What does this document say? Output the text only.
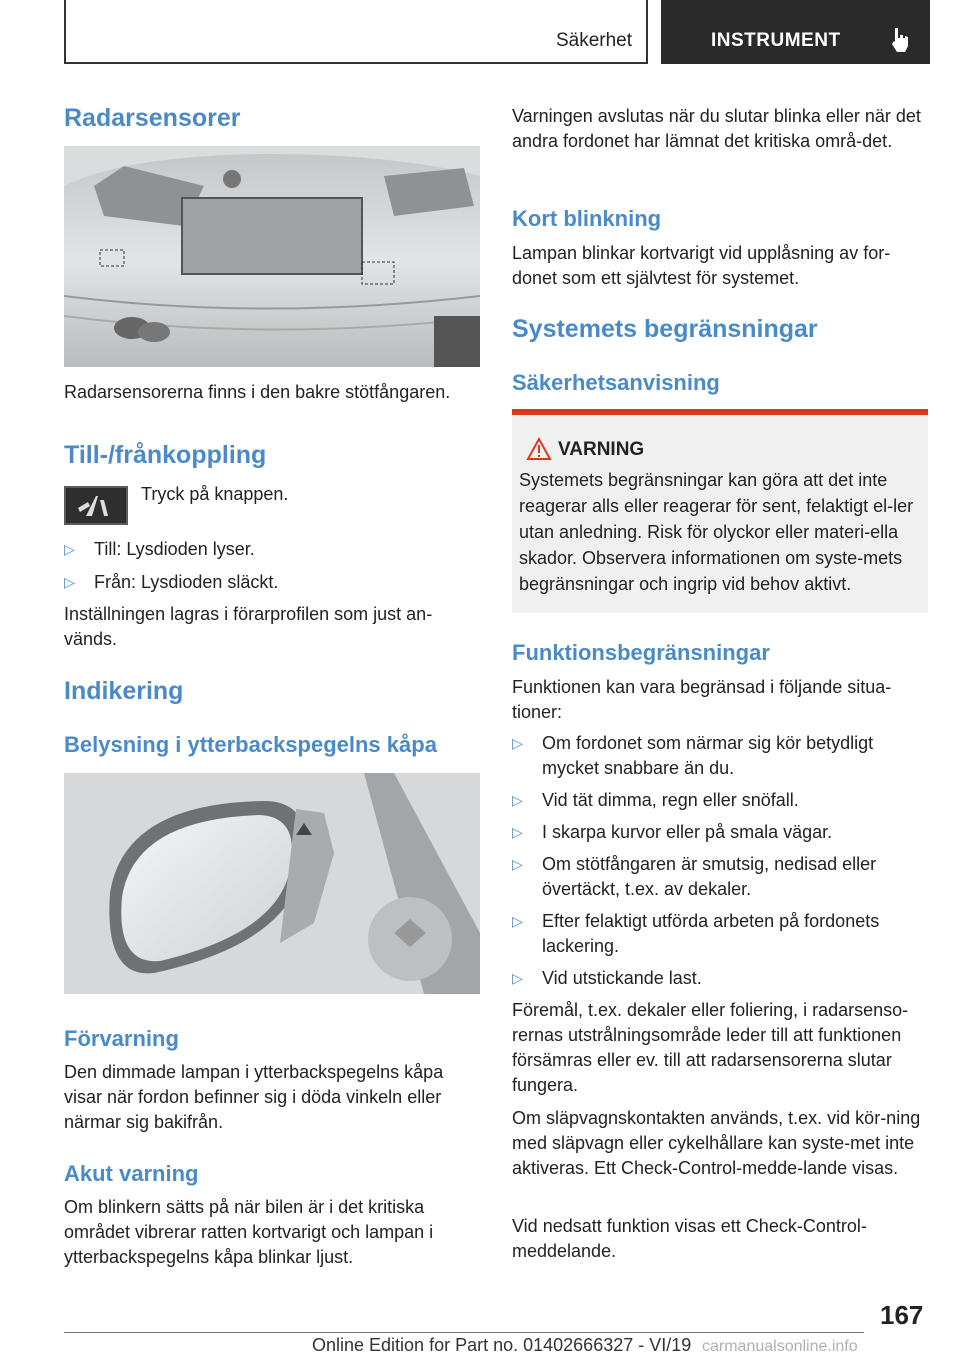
Säkerhet	INSTRUMENT
Radarsensorer

Radarsensorerna finns i den bakre stötfångaren.

Till-/frånkoppling

Tryck på knappen.

▷ Till: Lysdioden lyser.
▷ Från: Lysdioden släckt.

Inställningen lagras i förarprofilen som just an-vänds.

Indikering
Belysning i ytterbackspegelns kåpa
Förvarning

Den dimmade lampan i ytterbackspegelns kåpa visar när fordon befinner sig i döda vinkeln eller närmar sig bakifrån.

Akut varning

Om blinkern sätts på när bilen är i det kritiska området vibrerar ratten kortvarigt och lampan i ytterbackspegelns kåpa blinkar ljust.

Varningen avslutas när du slutar blinka eller när det andra fordonet har lämnat det kritiska områ-det.

Kort blinkning

Lampan blinkar kortvarigt vid upplåsning av for-donet som ett självtest för systemet.

Systemets begränsningar
Säkerhetsanvisning
VARNING
Systemets begränsningar kan göra att det inte reagerar alls eller reagerar för sent, felaktigt el-ler utan anledning. Risk för olyckor eller materi-ella skador. Observera informationen om syste-mets begränsningar och ingrip vid behov aktivt.
Funktionsbegränsningar

Funktionen kan vara begränsad i följande situa-tioner:

▷ Om fordonet som närmar sig kör betydligt mycket snabbare än du.
▷ Vid tät dimma, regn eller snöfall.
▷ I skarpa kurvor eller på smala vägar.
▷ Om stötfångaren är smutsig, nedisad eller övertäckt, t.ex. av dekaler.
▷ Efter felaktigt utförda arbeten på fordonets lackering.
▷ Vid utstickande last.

Föremål, t.ex. dekaler eller foliering, i radarsenso-rernas utstrålningsområde leder till att funktionen försämras eller ev. till att radarsensorerna slutar fungera.

Om släpvagnskontakten används, t.ex. vid kör-ning med släpvagn eller cykelhållare kan syste-met inte aktiveras. Ett Check-Control-medde-lande visas.

Vid nedsatt funktion visas ett Check-Control-meddelande.

167
Online Edition for Part no. 01402666327 - VI/19 carmanualsonline.info
